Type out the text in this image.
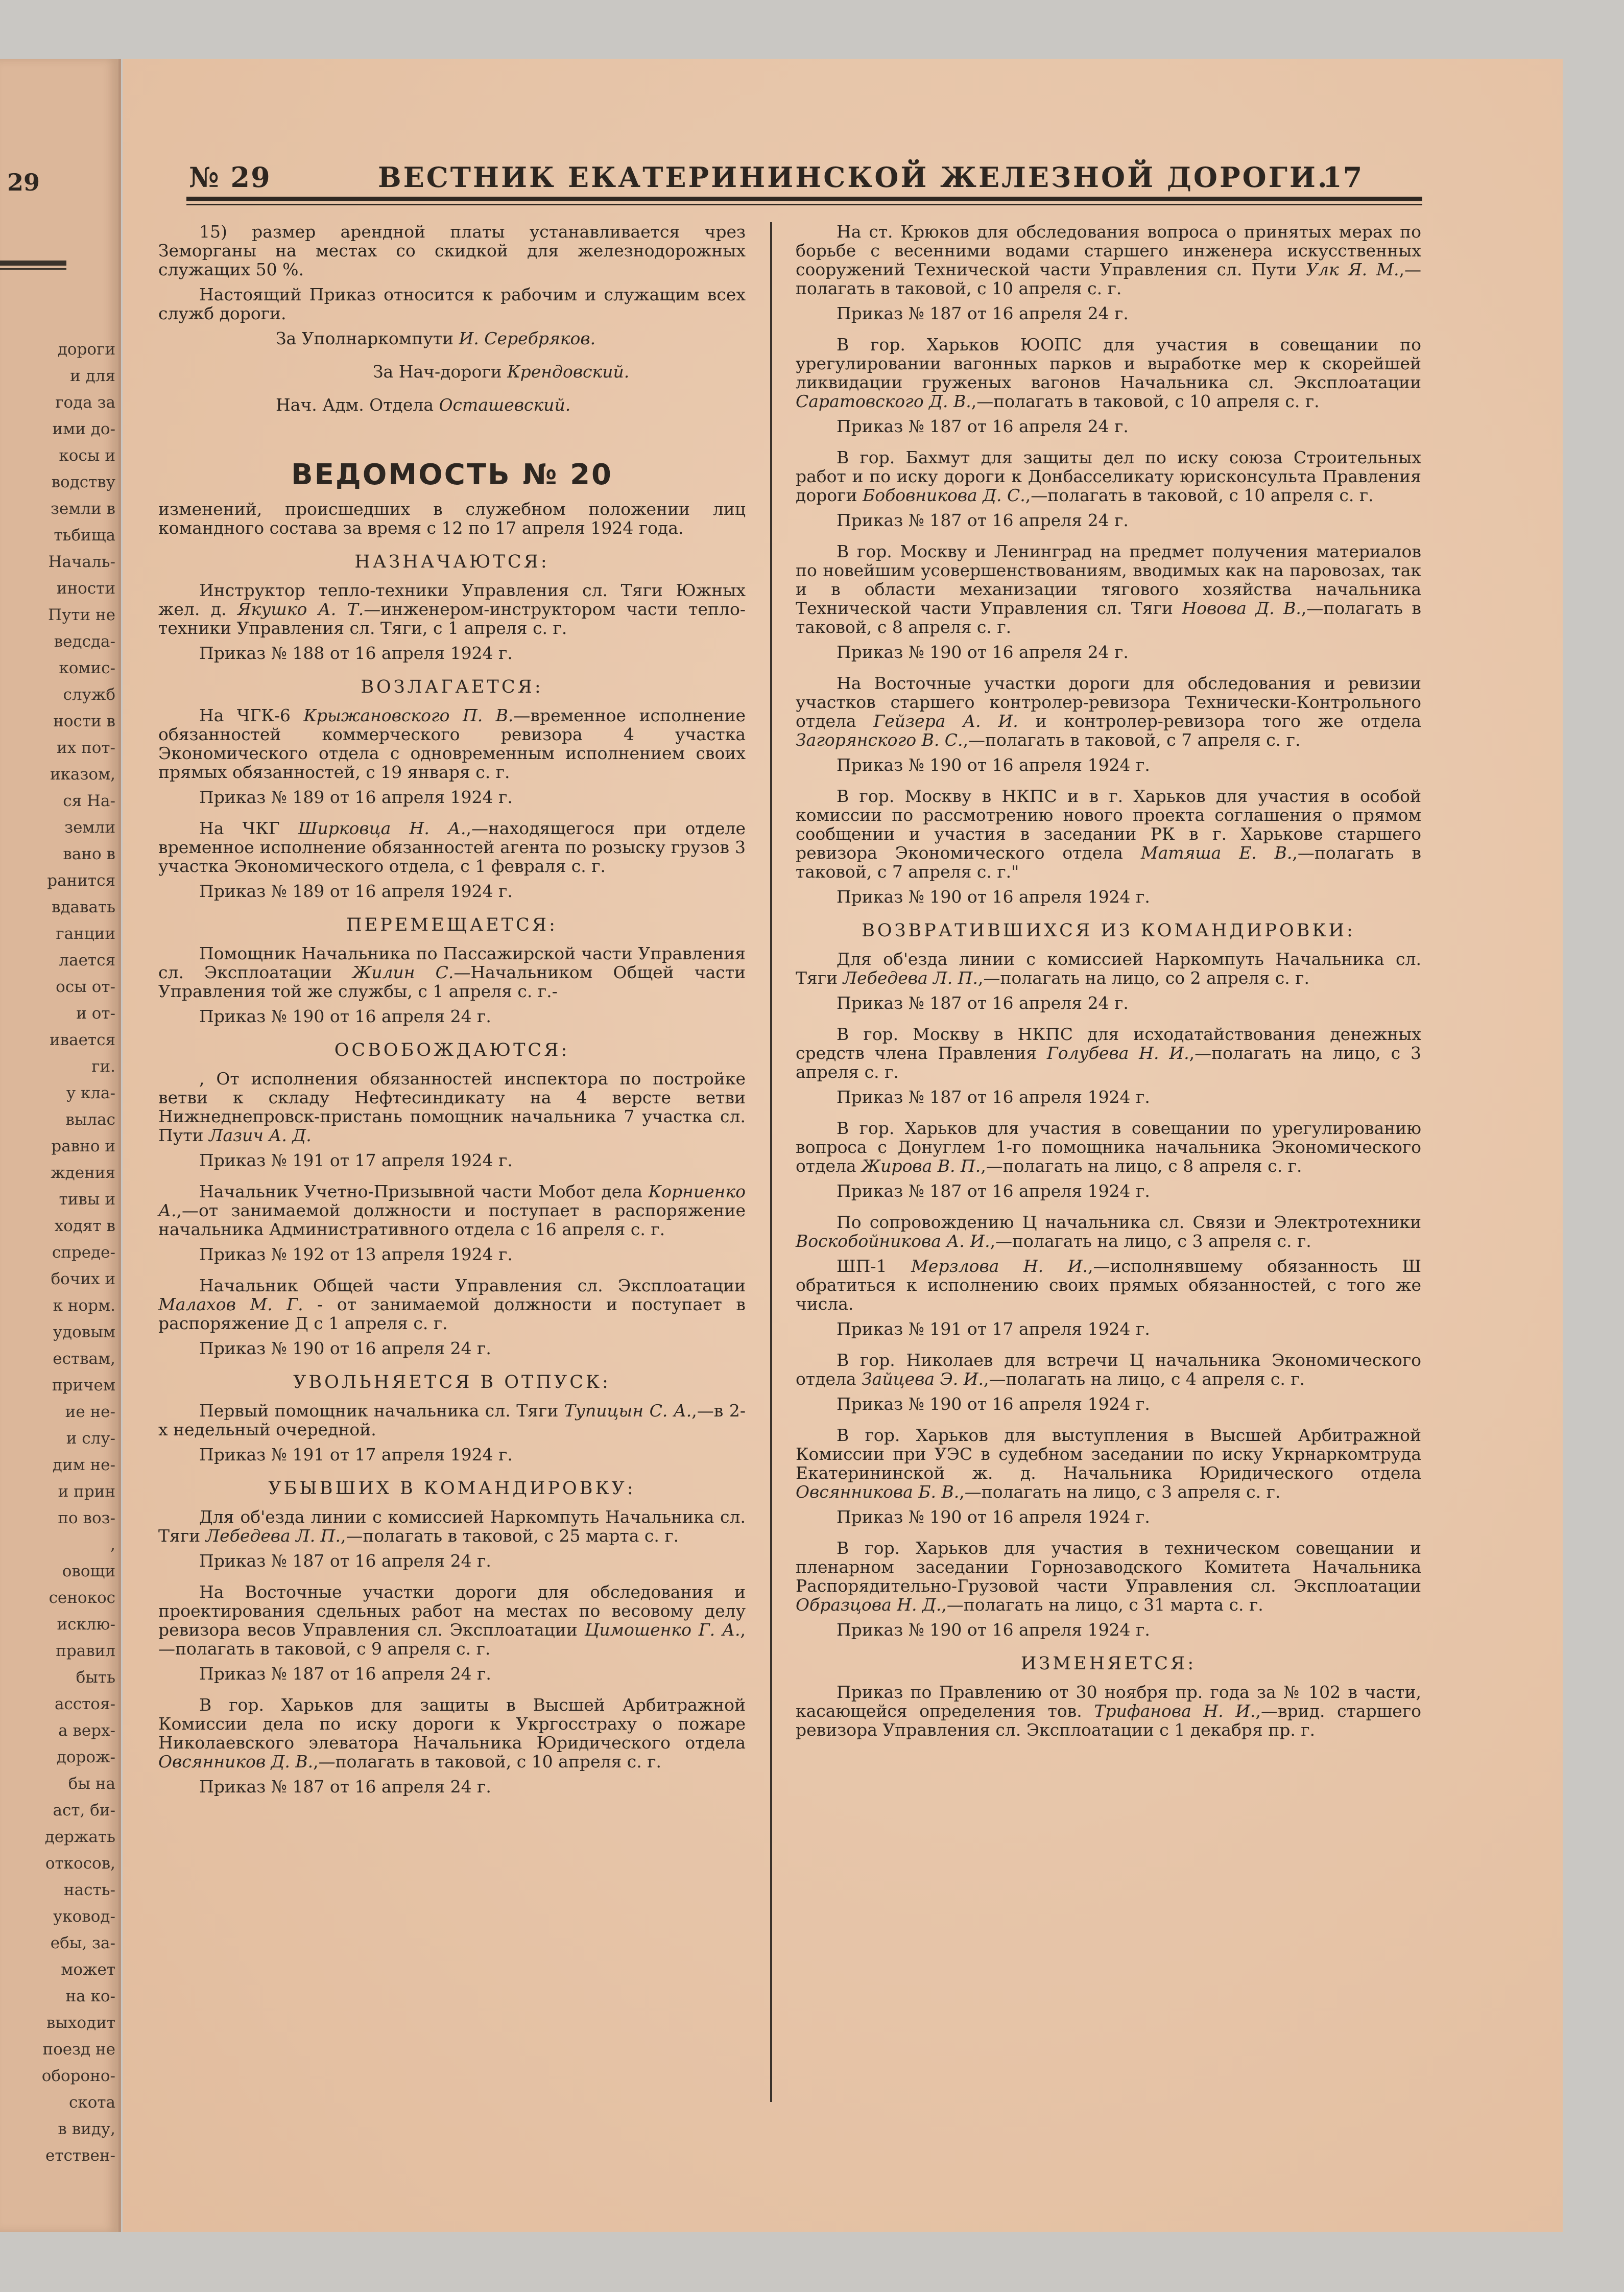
29
дороги
и для
года за
ими до-
косы и
водству
земли в
тьбища
Началь-
иности
Пути не
ведсда-
комис-
служб
ности в
их пот-
иказом,
ся На-
земли
вано в
ранится
вдавать
ганции
лается
осы от-
и от-
ивается
ги.
у кла-
вылас
равно и
ждения
тивы и
ходят в
спреде-
бочих и
к норм.
удовым
ествам,
причем
ие не-
и слу-
дим не-
и прин
по воз-
,
овощи
сенокос
исклю-
правил
быть
асстоя-
а верх-
дорож-
бы на
аст, би-
держать
откосов,
насть-
уковод-
ебы, за-
может
на ко-
выходит
поезд не
обороно-
скота
в виду,
етствен-
№ 29	ВЕСТНИК ЕКАТЕРИНИНСКОЙ ЖЕЛЕЗНОЙ ДОРОГИ.
17

15) размер арендной платы устанавливается чрез Земорганы на местах со скидкой для железнодорожных служащих 50 %.

Настоящий Приказ относится к рабочим и служащим всех служб дороги.

За Уполнаркомпути И. Серебряков.

За Нач-дороги Крендовский.

Нач. Адм. Отдела Осташевский.

ВЕДОМОСТЬ № 20

изменений, происшедших в служебном положении лиц командного состава за время с 12 по 17 апреля 1924 года.

НАЗНАЧАЮТСЯ:

Инструктор тепло-техники Управления сл. Тяги Южных жел. д. Якушко А. Т.—инженером-инструктором части тепло-техники Управления сл. Тяги, с 1 апреля с. г.

Приказ № 188 от 16 апреля 1924 г.

ВОЗЛАГАЕТСЯ:

На ЧГК-6 Крыжановского П. В.—временное исполнение обязанностей коммерческого ревизора 4 участка Экономического отдела с одновременным исполнением своих прямых обязанностей, с 19 января с. г.

Приказ № 189 от 16 апреля 1924 г.

На ЧКГ Ширковца Н. А.,—находящегося при отделе временное исполнение обязанностей агента по розыску грузов 3 участка Экономического отдела, с 1 февраля с. г.

Приказ № 189 от 16 апреля 1924 г.

ПЕРЕМЕЩАЕТСЯ:

Помощник Начальника по Пассажирской части Управления сл. Эксплоатации Жилин С.—Начальником Общей части Управления той же службы, с 1 апреля с. г.-

Приказ № 190 от 16 апреля 24 г.

ОСВОБОЖДАЮТСЯ:

, От исполнения обязанностей инспектора по постройке ветви к складу Нефтесиндикату на 4 версте ветви Нижнеднепровск-пристань помощник начальника 7 участка сл. Пути Лазич А. Д.

Приказ № 191 от 17 апреля 1924 г.

Начальник Учетно-Призывной части Мобот дела Корниенко А.,—от занимаемой должности и поступает в распоряжение начальника Административного отдела с 16 апреля с. г.

Приказ № 192 от 13 апреля 1924 г.

Начальник Общей части Управления сл. Эксплоатации Малахов М. Г. - от занимаемой должности и поступает в распоряжение Д с 1 апреля с. г.

Приказ № 190 от 16 апреля 24 г.

УВОЛЬНЯЕТСЯ В ОТПУСК:

Первый помощник начальника сл. Тяги Тупицын С. А.,—в 2-х недельный очередной.

Приказ № 191 от 17 апреля 1924 г.

УБЫВШИХ В КОМАНДИРОВКУ:

Для об'езда линии с комиссией Наркомпуть Начальника сл. Тяги Лебедева Л. П.,—полагать в таковой, с 25 марта с. г.

Приказ № 187 от 16 апреля 24 г.

На Восточные участки дороги для обследования и проектирования сдельных работ на местах по весовому делу ревизора весов Управления сл. Эксплоатации Цимошенко Г. А.,—полагать в таковой, с 9 апреля с. г.

Приказ № 187 от 16 апреля 24 г.

В гор. Харьков для защиты в Высшей Арбитражной Комиссии дела по иску дороги к Укргосстраху о пожаре Николаевского элеватора Начальника Юридического отдела Овсянников Д. В.,—полагать в таковой, с 10 апреля с. г.

Приказ № 187 от 16 апреля 24 г.

На ст. Крюков для обследования вопроса о принятых мерах по борьбе с весенними водами старшего инженера искусственных сооружений Технической части Управления сл. Пути Улк Я. М.,—полагать в таковой, с 10 апреля с. г.

Приказ № 187 от 16 апреля 24 г.

В гор. Харьков ЮОПС для участия в совещании по урегулировании вагонных парков и выработке мер к скорейшей ликвидации груженых вагонов Начальника сл. Эксплоатации Саратовского Д. В.,—полагать в таковой, с 10 апреля с. г.

Приказ № 187 от 16 апреля 24 г.

В гор. Бахмут для защиты дел по иску союза Строительных работ и по иску дороги к Донбасселикату юрисконсульта Правления дороги Бобовникова Д. С.,—полагать в таковой, с 10 апреля с. г.

Приказ № 187 от 16 апреля 24 г.

В гор. Москву и Ленинград на предмет получения материалов по новейшим усовершенствованиям, вводимых как на паровозах, так и в области механизации тягового хозяйства начальника Технической части Управления сл. Тяги Новова Д. В.,—полагать в таковой, с 8 апреля с. г.

Приказ № 190 от 16 апреля 24 г.

На Восточные участки дороги для обследования и ревизии участков старшего контролер-ревизора Технически-Контрольного отдела Гейзера А. И. и контролер-ревизора того же отдела Загорянского В. С.,—полагать в таковой, с 7 апреля с. г.

Приказ № 190 от 16 апреля 1924 г.

В гор. Москву в НКПС и в г. Харьков для участия в особой комиссии по рассмотрению нового проекта соглашения о прямом сообщении и участия в заседании РК в г. Харькове старшего ревизора Экономического отдела Матяша Е. В.,—полагать в таковой, с 7 апреля с. г."

Приказ № 190 от 16 апреля 1924 г.

ВОЗВРАТИВШИХСЯ ИЗ КОМАНДИРОВКИ:

Для об'езда линии с комиссией Наркомпуть Начальника сл. Тяги Лебедева Л. П.,—полагать на лицо, со 2 апреля с. г.

Приказ № 187 от 16 апреля 24 г.

В гор. Москву в НКПС для исходатайствования денежных средств члена Правления Голубева Н. И.,—полагать на лицо, с 3 апреля с. г.

Приказ № 187 от 16 апреля 1924 г.

В гор. Харьков для участия в совещании по урегулированию вопроса с Донуглем 1-го помощника начальника Экономического отдела Жирова В. П.,—полагать на лицо, с 8 апреля с. г.

Приказ № 187 от 16 апреля 1924 г.

По сопровождению Ц начальника сл. Связи и Электротехники Воскобойникова А. И.,—полагать на лицо, с 3 апреля с. г.

ШП-1 Мерзлова Н. И.,—исполнявшему обязанность Ш обратиться к исполнению своих прямых обязанностей, с того же числа.

Приказ № 191 от 17 апреля 1924 г.

В гор. Николаев для встречи Ц начальника Экономического отдела Зайцева Э. И.,—полагать на лицо, с 4 апреля с. г.

Приказ № 190 от 16 апреля 1924 г.

В гор. Харьков для выступления в Высшей Арбитражной Комиссии при УЭС в судебном заседании по иску Укрнаркомтруда Екатерининской ж. д. Начальника Юридического отдела Овсянникова Б. В.,—полагать на лицо, с 3 апреля с. г.

Приказ № 190 от 16 апреля 1924 г.

В гор. Харьков для участия в техническом совещании и пленарном заседании Горнозаводского Комитета Начальника Распорядительно-Грузовой части Управления сл. Эксплоатации Образцова Н. Д.,—полагать на лицо, с 31 марта с. г.

Приказ № 190 от 16 апреля 1924 г.

ИЗМЕНЯЕТСЯ:

Приказ по Правлению от 30 ноября пр. года за № 102 в части, касающейся определения тов. Трифанова Н. И.,—врид. старшего ревизора Управления сл. Эксплоатации с 1 декабря пр. г.
